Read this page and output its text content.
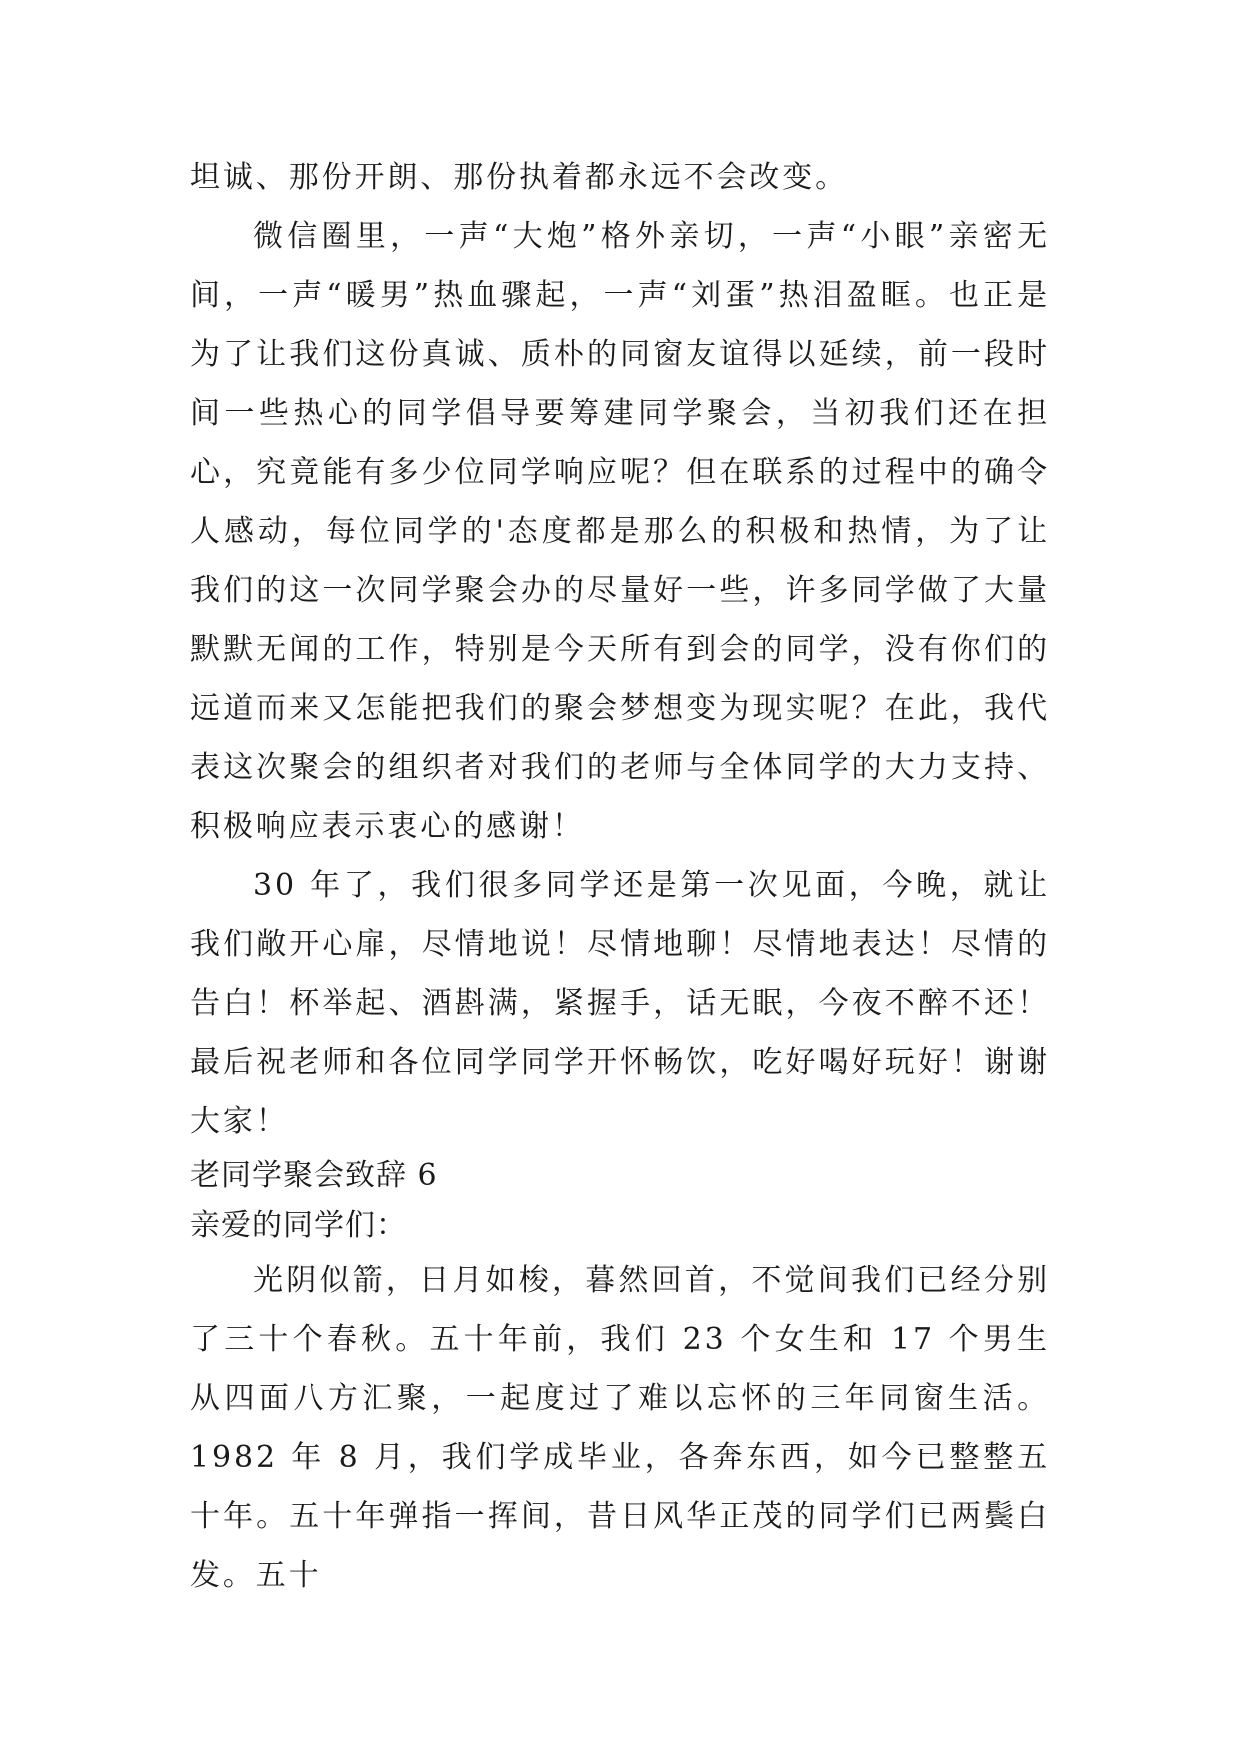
坦诚、那份开朗、那份执着都永远不会改变。

微信圈里，一声“大炮”格外亲切，一声“小眼”亲密无间，一声“暖男”热血骤起，一声“刘蛋”热泪盈眶。也正是为了让我们这份真诚、质朴的同窗友谊得以延续，前一段时间一些热心的同学倡导要筹建同学聚会，当初我们还在担心，究竟能有多少位同学响应呢？但在联系的过程中的确令人感动，每位同学的'态度都是那么的积极和热情，为了让我们的这一次同学聚会办的尽量好一些，许多同学做了大量默默无闻的工作，特别是今天所有到会的同学，没有你们的远道而来又怎能把我们的聚会梦想变为现实呢？在此，我代表这次聚会的组织者对我们的老师与全体同学的大力支持、积极响应表示衷心的感谢！

30 年了，我们很多同学还是第一次见面，今晚，就让我们敞开心扉，尽情地说！尽情地聊！尽情地表达！尽情的告白！杯举起、酒斟满，紧握手，话无眠，今夜不醉不还！最后祝老师和各位同学同学开怀畅饮，吃好喝好玩好！谢谢大家！

老同学聚会致辞 6

亲爱的同学们：

光阴似箭，日月如梭，暮然回首，不觉间我们已经分别了三十个春秋。五十年前，我们 23 个女生和 17 个男生从四面八方汇聚，一起度过了难以忘怀的三年同窗生活。1982 年 8 月，我们学成毕业，各奔东西，如今已整整五十年。五十年弹指一挥间，昔日风华正茂的同学们已两鬓白发。五十
